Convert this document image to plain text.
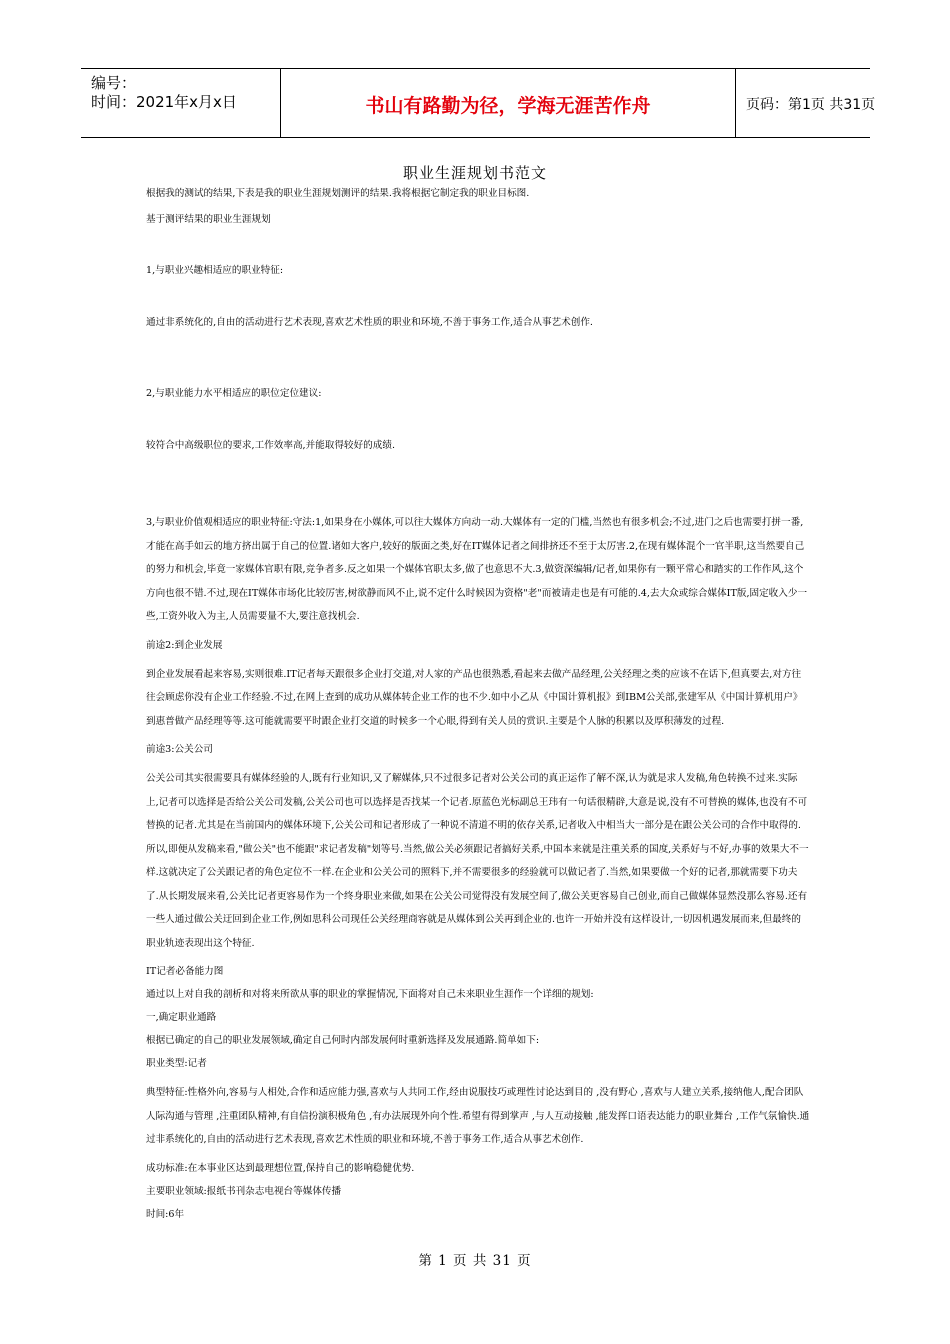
编号：
时间：2021年x月x日	书山有路勤为径，学海无涯苦作舟	页码：第1页 共31页
职业生涯规划书范文

根据我的测试的结果,下表是我的职业生涯规划测评的结果.我将根据它制定我的职业目标图.

基于测评结果的职业生涯规划

1,与职业兴趣相适应的职业特征:

通过非系统化的,自由的活动进行艺术表现,喜欢艺术性质的职业和环境,不善于事务工作,适合从事艺术创作.

2,与职业能力水平相适应的职位定位建议:

较符合中高级职位的要求,工作效率高,并能取得较好的成绩.

3,与职业价值观相适应的职业特征:守法:1,如果身在小媒体,可以往大媒体方向动一动.大媒体有一定的门槛,当然也有很多机会;不过,进门之后也需要打拼一番,才能在高手如云的地方挤出属于自己的位置.诸如大客户,较好的版面之类,好在IT媒体记者之间排挤还不至于太厉害.2,在现有媒体混个一官半职,这当然要自己的努力和机会,毕竟一家媒体官职有限,竞争者多.反之如果一个媒体官职太多,做了也意思不大.3,做资深编辑/记者,如果你有一颗平常心和踏实的工作作风,这个方向也很不错.不过,现在IT媒体市场化比较厉害,树欲静而风不止,说不定什么时候因为资格"老"而被请走也是有可能的.4,去大众或综合媒体IT版,固定收入少一些,工资外收入为主,人员需要量不大,要注意找机会.

前途2:到企业发展

到企业发展看起来容易,实则很难.IT记者每天跟很多企业打交道,对人家的产品也很熟悉,看起来去做产品经理,公关经理之类的应该不在话下,但真要去,对方往往会顾虑你没有企业工作经验.不过,在网上查到的成功从媒体转企业工作的也不少.如中小乙从《中国计算机报》到IBM公关部,张建军从《中国计算机用户》到惠普做产品经理等等.这可能就需要平时跟企业打交道的时候多一个心眼,得到有关人员的赏识.主要是个人脉的积累以及厚积薄发的过程.

前途3:公关公司

公关公司其实很需要具有媒体经验的人,既有行业知识,又了解媒体,只不过很多记者对公关公司的真正运作了解不深,认为就是求人发稿,角色转换不过来.实际上,记者可以选择是否给公关公司发稿,公关公司也可以选择是否找某一个记者.原蓝色光标副总王玮有一句话很精辟,大意是说,没有不可替换的媒体,也没有不可替换的记者.尤其是在当前国内的媒体环境下,公关公司和记者形成了一种说不清道不明的依存关系,记者收入中相当大一部分是在跟公关公司的合作中取得的.所以,即便从发稿来看,"做公关"也不能跟"求记者发稿"划等号.当然,做公关必须跟记者搞好关系,中国本来就是注重关系的国度,关系好与不好,办事的效果大不一样.这就决定了公关跟记者的角色定位不一样.在企业和公关公司的照料下,并不需要很多的经验就可以做记者了.当然,如果要做一个好的记者,那就需要下功夫了.从长期发展来看,公关比记者更容易作为一个终身职业来做,如果在公关公司觉得没有发展空间了,做公关更容易自己创业,而自己做媒体显然没那么容易.还有一些人通过做公关迂回到企业工作,例如思科公司现任公关经理商容就是从媒体到公关再到企业的.也许一开始并没有这样设计,一切因机遇发展而来,但最终的职业轨迹表现出这个特征.

IT记者必备能力图

通过以上对自我的剖析和对将来所欲从事的职业的掌握情况,下面将对自己未来职业生涯作一个详细的规划:

一,确定职业通路

根据已确定的自己的职业发展领域,确定自己何时内部发展何时重新选择及发展通路.简单如下:

职业类型:记者

典型特征:性格外向,容易与人相处,合作和适应能力强,喜欢与人共同工作,经由说服技巧或理性讨论达到目的 ,没有野心 ,喜欢与人建立关系,接纳他人,配合团队人际沟通与管理 ,注重团队精神,有自信扮演积极角色 ,有办法展现外向个性.希望有得到掌声 ,与人互动接触 ,能发挥口语表达能力的职业舞台 ,工作气氛愉快.通过非系统化的,自由的活动进行艺术表现,喜欢艺术性质的职业和环境,不善于事务工作,适合从事艺术创作.

成功标准:在本事业区达到最理想位置,保持自己的影响稳健优势.

主要职业领域:报纸书刊杂志电视台等媒体传播

时间:6年

第 1 页 共 31 页
